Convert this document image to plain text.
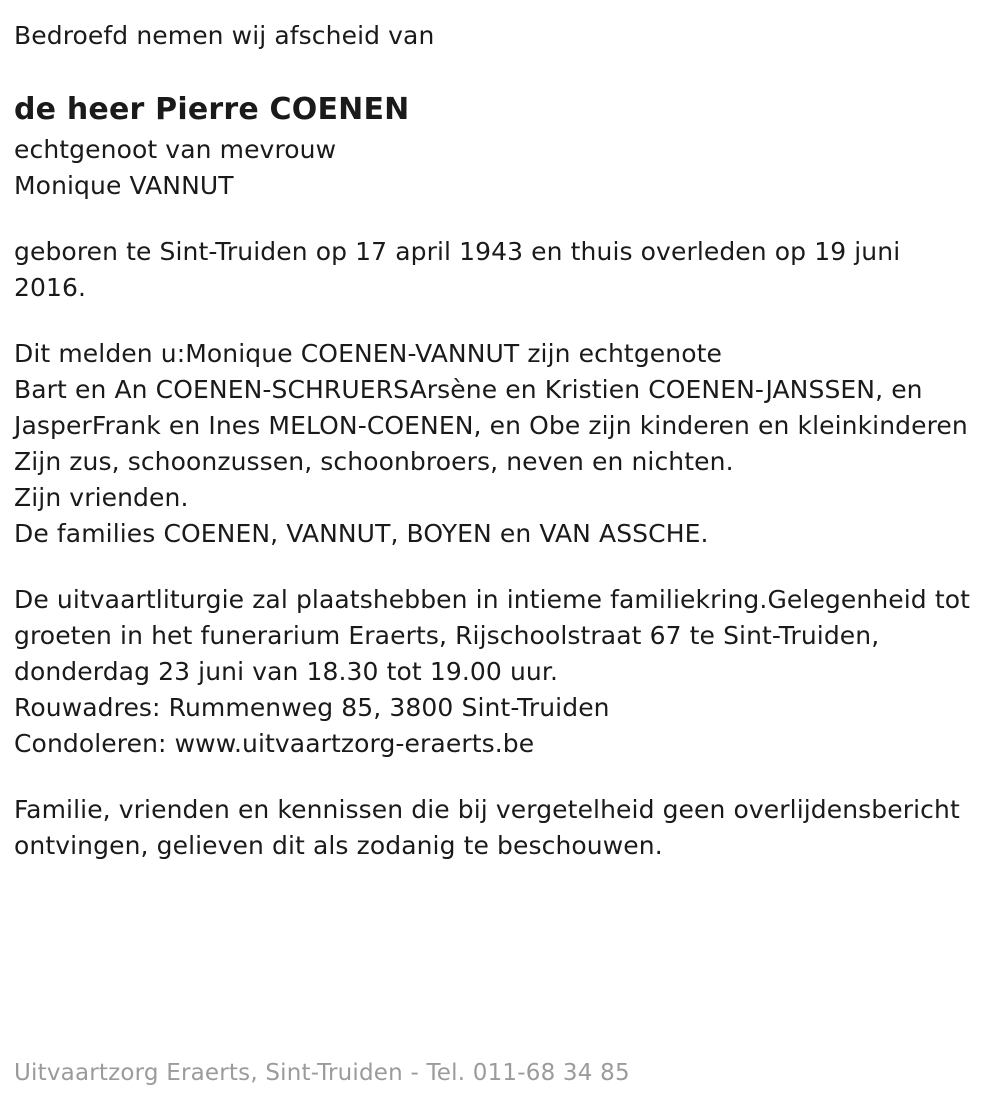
Bedroefd nemen wij afscheid van
de heer Pierre COENEN
echtgenoot van mevrouw
Monique VANNUT
geboren te Sint-Truiden op 17 april 1943 en thuis overleden op 19 juni 2016.
Dit melden u:Monique COENEN-VANNUT zijn echtgenote
Bart en An COENEN-SCHRUERSArsène en Kristien COENEN-JANSSEN, en JasperFrank en Ines MELON-COENEN, en Obe zijn kinderen en kleinkinderen
Zijn zus, schoonzussen, schoonbroers, neven en nichten.
Zijn vrienden.
De families COENEN, VANNUT, BOYEN en VAN ASSCHE.
De uitvaartliturgie zal plaatshebben in intieme familiekring.Gelegenheid tot groeten in het funerarium Eraerts, Rijschoolstraat 67 te Sint-Truiden, donderdag 23 juni van 18.30 tot 19.00 uur.
Rouwadres: Rummenweg 85, 3800 Sint-Truiden
Condoleren: www.uitvaartzorg-eraerts.be
Familie, vrienden en kennissen die bij vergetelheid geen overlijdensbericht ontvingen, gelieven dit als zodanig te beschouwen.
Uitvaartzorg Eraerts, Sint-Truiden - Tel. 011-68 34 85
